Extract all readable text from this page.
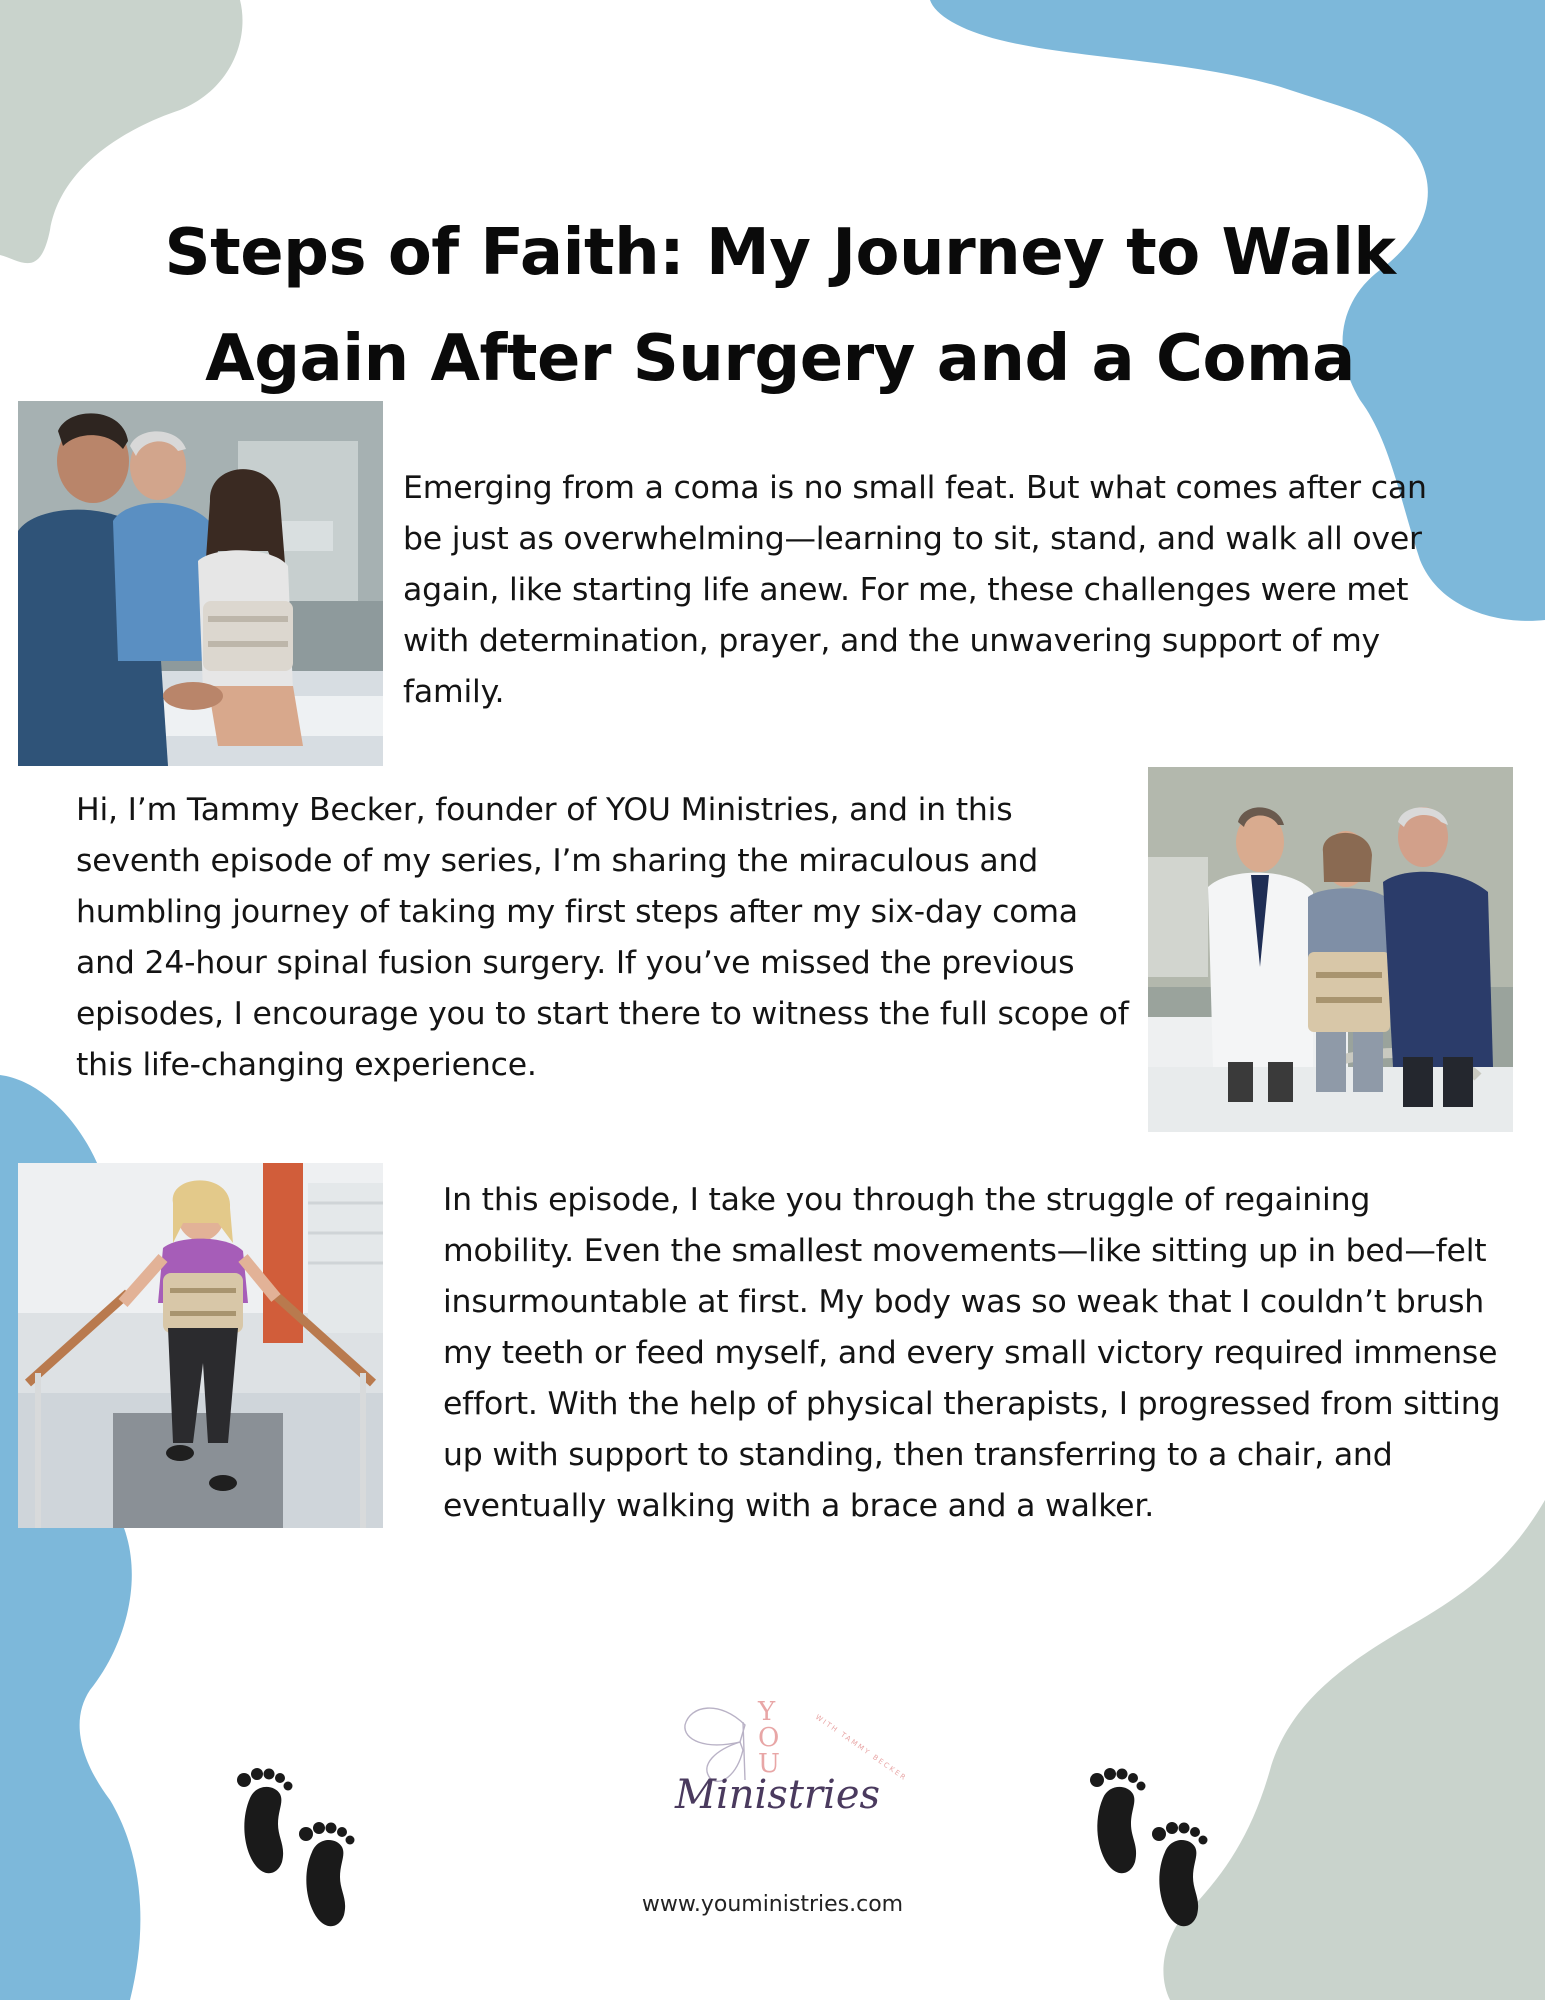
Steps of Faith: My Journey to Walk
Again After Surgery and a Coma

Emerging from a coma is no small feat. But what comes after can be just as overwhelming—learning to sit, stand, and walk all over again, like starting life anew. For me, these challenges were met with determination, prayer, and the unwavering support of my family.

Hi, I’m Tammy Becker, founder of YOU Ministries, and in this seventh episode of my series, I’m sharing the miraculous and humbling journey of taking my first steps after my six-day coma and 24-hour spinal fusion surgery. If you’ve missed the previous episodes, I encourage you to start there to witness the full scope of this life-changing experience.

In this episode, I take you through the struggle of regaining mobility. Even the smallest movements—like sitting up in bed—felt insurmountable at first. My body was so weak that I couldn’t brush my teeth or feed myself, and every small victory required immense effort. With the help of physical therapists, I progressed from sitting up with support to standing, then transferring to a chair, and eventually walking with a brace and a walker.

Y
O
U
Ministries
WITH TAMMY BECKER

www.youministries.com
